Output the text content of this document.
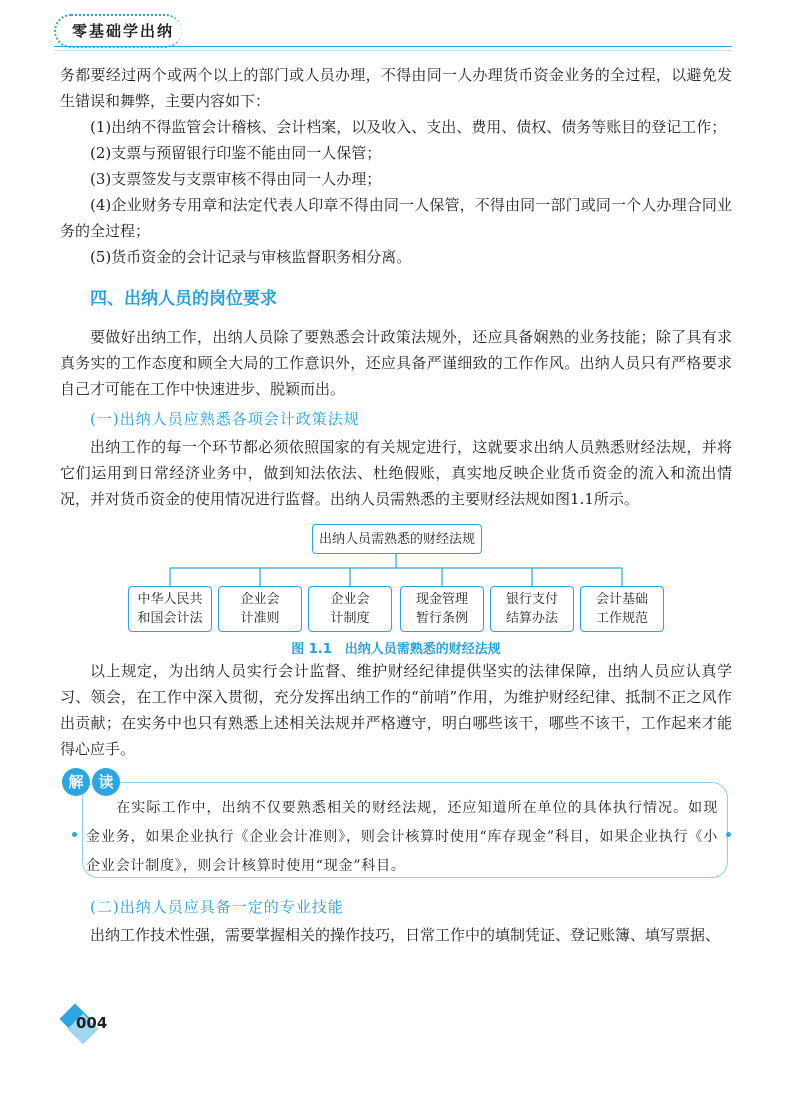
零基础学出纳

务都要经过两个或两个以上的部门或人员办理，不得由同一人办理货币资金业务的全过程，以避免发生错误和舞弊，主要内容如下：

(1)出纳不得监管会计稽核、会计档案，以及收入、支出、费用、债权、债务等账目的登记工作；

(2)支票与预留银行印鉴不能由同一人保管；

(3)支票签发与支票审核不得由同一人办理；

(4)企业财务专用章和法定代表人印章不得由同一人保管，不得由同一部门或同一个人办理合同业务的全过程；

(5)货币资金的会计记录与审核监督职务相分离。

四、出纳人员的岗位要求

要做好出纳工作，出纳人员除了要熟悉会计政策法规外，还应具备娴熟的业务技能；除了具有求真务实的工作态度和顾全大局的工作意识外，还应具备严谨细致的工作作风。出纳人员只有严格要求自己才可能在工作中快速进步、脱颖而出。

(一)出纳人员应熟悉各项会计政策法规

出纳工作的每一个环节都必须依照国家的有关规定进行，这就要求出纳人员熟悉财经法规，并将它们运用到日常经济业务中，做到知法依法、杜绝假账，真实地反映企业货币资金的流入和流出情况，并对货币资金的使用情况进行监督。出纳人员需熟悉的主要财经法规如图1.1所示。

出纳人员需熟悉的财经法规
中华人民共
和国会计法
企业会
计准则
企业会
计制度
现金管理
暂行条例
银行支付
结算办法
会计基础
工作规范
图 1.1　出纳人员需熟悉的财经法规

以上规定，为出纳人员实行会计监督、维护财经纪律提供坚实的法律保障，出纳人员应认真学习、领会，在工作中深入贯彻，充分发挥出纳工作的“前哨”作用，为维护财经纪律、抵制不正之风作出贡献；在实务中也只有熟悉上述相关法规并严格遵守，明白哪些该干，哪些不该干，工作起来才能得心应手。

解 读
在实际工作中，出纳不仅要熟悉相关的财经法规，还应知道所在单位的具体执行情况。如现金业务，如果企业执行《企业会计准则》，则会计核算时使用“库存现金”科目，如果企业执行《小企业会计制度》，则会计核算时使用“现金”科目。
(二)出纳人员应具备一定的专业技能

出纳工作技术性强，需要掌握相关的操作技巧，日常工作中的填制凭证、登记账簿、填写票据、

004
